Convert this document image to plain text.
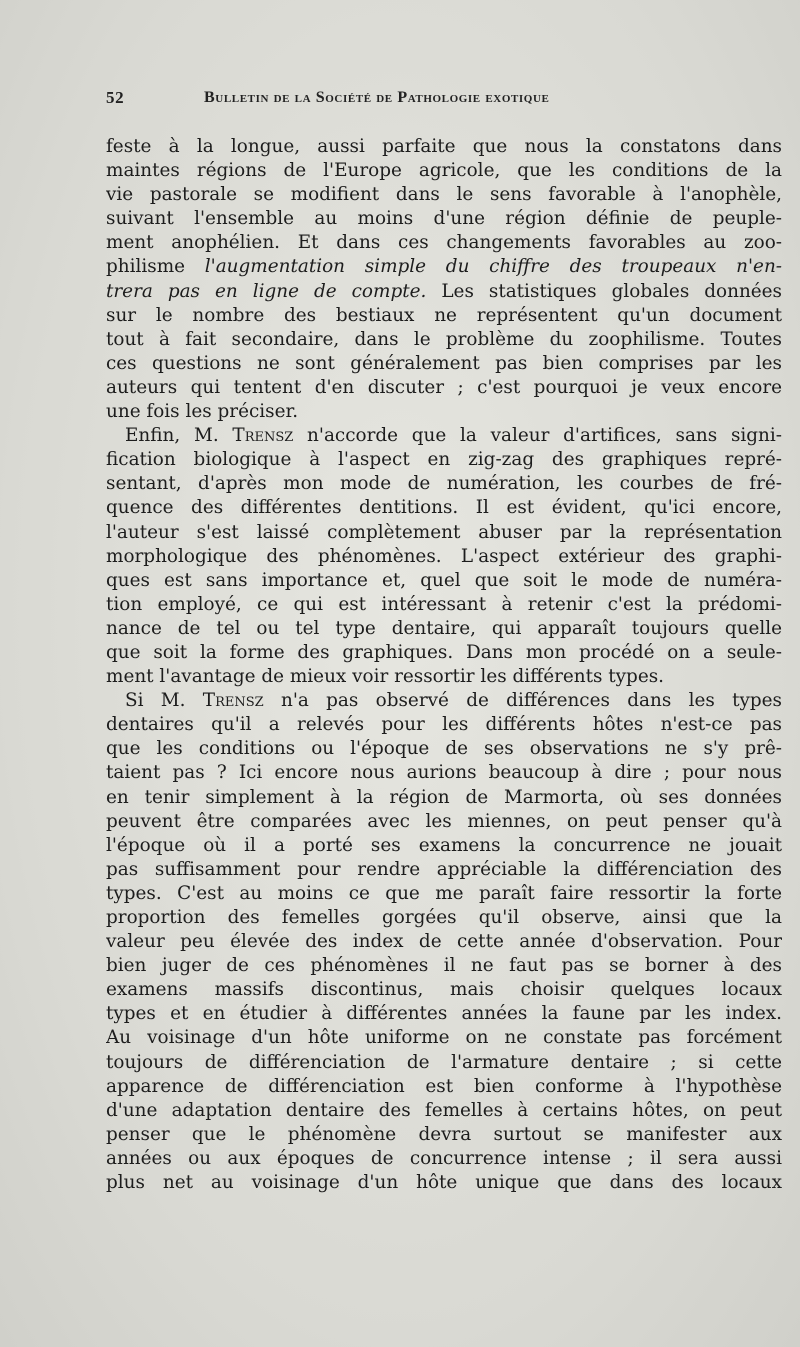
52	Bulletin de la Société de Pathologie exotique
feste à la longue, aussi parfaite que nous la constatons dans
maintes régions de l'Europe agricole, que les conditions de la
vie pastorale se modifient dans le sens favorable à l'anophèle,
suivant l'ensemble au moins d'une région définie de peuple-
ment anophélien. Et dans ces changements favorables au zoo-
philisme l'augmentation simple du chiffre des troupeaux n'en-
trera pas en ligne de compte. Les statistiques globales données
sur le nombre des bestiaux ne représentent qu'un document
tout à fait secondaire, dans le problème du zoophilisme. Toutes
ces questions ne sont généralement pas bien comprises par les
auteurs qui tentent d'en discuter ; c'est pourquoi je veux encore
une fois les préciser.
Enfin, M. Trensz n'accorde que la valeur d'artifices, sans signi-
fication biologique à l'aspect en zig-zag des graphiques repré-
sentant, d'après mon mode de numération, les courbes de fré-
quence des différentes dentitions. Il est évident, qu'ici encore,
l'auteur s'est laissé complètement abuser par la représentation
morphologique des phénomènes. L'aspect extérieur des graphi-
ques est sans importance et, quel que soit le mode de numéra-
tion employé, ce qui est intéressant à retenir c'est la prédomi-
nance de tel ou tel type dentaire, qui apparaît toujours quelle
que soit la forme des graphiques. Dans mon procédé on a seule-
ment l'avantage de mieux voir ressortir les différents types.
Si M. Trensz n'a pas observé de différences dans les types
dentaires qu'il a relevés pour les différents hôtes n'est-ce pas
que les conditions ou l'époque de ses observations ne s'y prê-
taient pas ? Ici encore nous aurions beaucoup à dire ; pour nous
en tenir simplement à la région de Marmorta, où ses données
peuvent être comparées avec les miennes, on peut penser qu'à
l'époque où il a porté ses examens la concurrence ne jouait
pas suffisamment pour rendre appréciable la différenciation des
types. C'est au moins ce que me paraît faire ressortir la forte
proportion des femelles gorgées qu'il observe, ainsi que la
valeur peu élevée des index de cette année d'observation. Pour
bien juger de ces phénomènes il ne faut pas se borner à des
examens massifs discontinus, mais choisir quelques locaux
types et en étudier à différentes années la faune par les index.
Au voisinage d'un hôte uniforme on ne constate pas forcément
toujours de différenciation de l'armature dentaire ; si cette
apparence de différenciation est bien conforme à l'hypothèse
d'une adaptation dentaire des femelles à certains hôtes, on peut
penser que le phénomène devra surtout se manifester aux
années ou aux époques de concurrence intense ; il sera aussi
plus net au voisinage d'un hôte unique que dans des locaux
